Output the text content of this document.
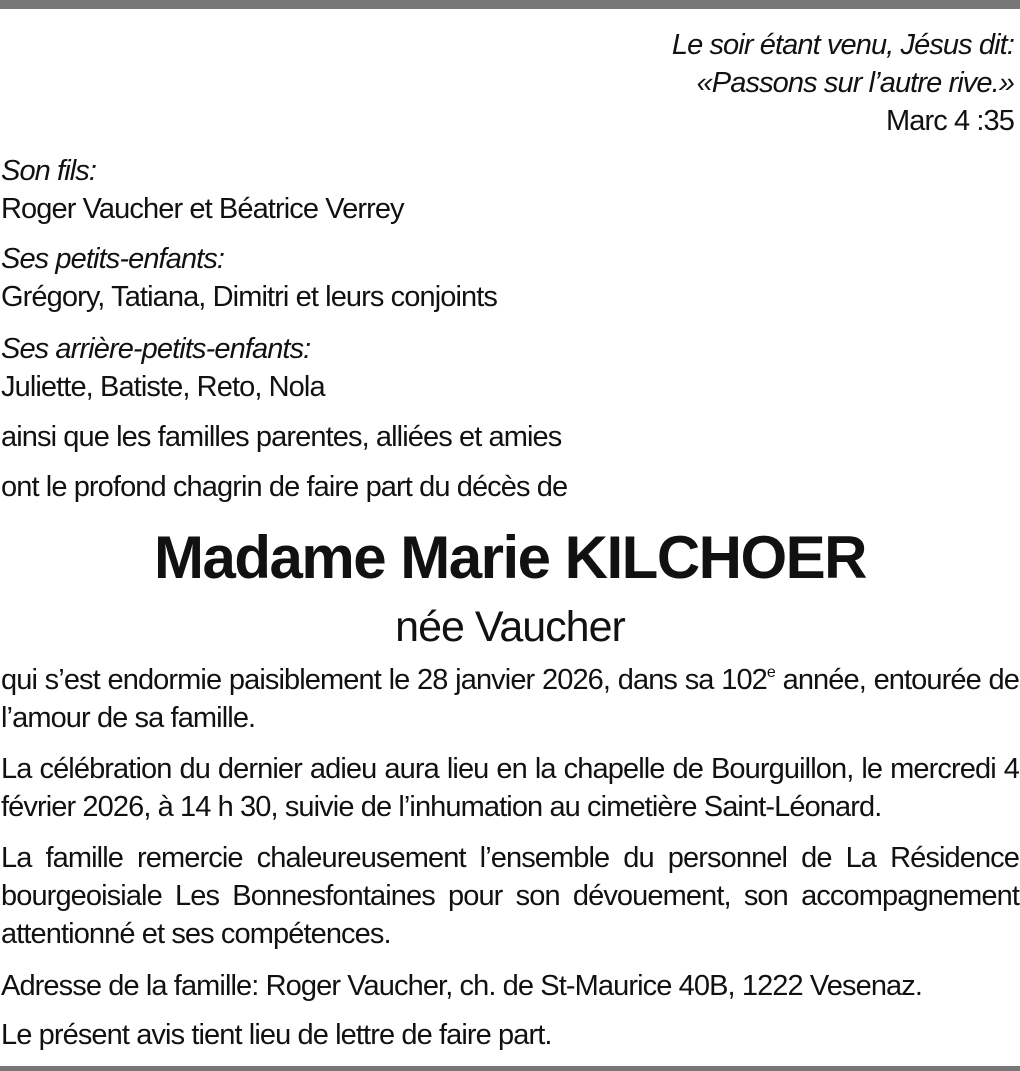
Le soir étant venu, Jésus dit:

«Passons sur l’autre rive.»

Marc 4 :35

Son fils:

Roger Vaucher et Béatrice Verrey

Ses petits-enfants:

Grégory, Tatiana, Dimitri et leurs conjoints

Ses arrière-petits-enfants:

Juliette, Batiste, Reto, Nola

ainsi que les familles parentes, alliées et amies

ont le profond chagrin de faire part du décès de

Madame Marie KILCHOER
née Vaucher

qui s’est endormie paisiblement le 28 janvier 2026, dans sa 102e année, entourée de l’amour de sa famille.

La célébration du dernier adieu aura lieu en la chapelle de Bourguillon, le mercredi 4 février 2026, à 14 h 30, suivie de l’inhumation au cimetière Saint-Léonard.

La famille remercie chaleureusement l’ensemble du personnel de La Résidence bourgeoisiale Les Bonnesfontaines pour son dévouement, son accompagnement attentionné et ses compétences.

Adresse de la famille: Roger Vaucher, ch. de St-Maurice 40B, 1222 Vesenaz.

Le présent avis tient lieu de lettre de faire part.
